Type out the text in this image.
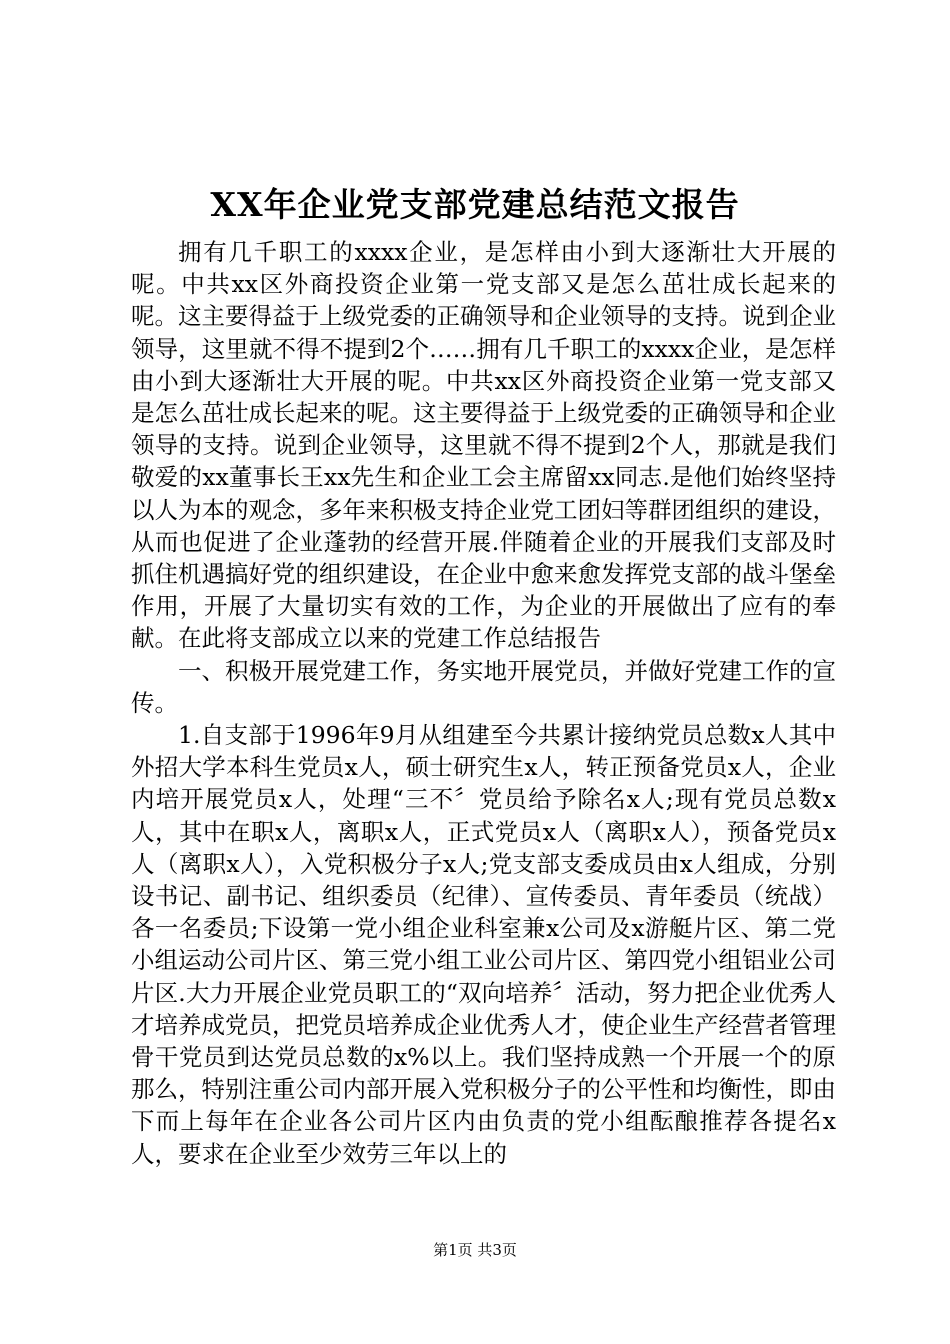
XX年企业党支部党建总结范文报告

拥有几千职工的xxxx企业，是怎样由小到大逐渐壮大开展的呢。中共xx区外商投资企业第一党支部又是怎么茁壮成长起来的呢。这主要得益于上级党委的正确领导和企业领导的支持。说到企业领导，这里就不得不提到2个……拥有几千职工的xxxx企业，是怎样由小到大逐渐壮大开展的呢。中共xx区外商投资企业第一党支部又是怎么茁壮成长起来的呢。这主要得益于上级党委的正确领导和企业领导的支持。说到企业领导，这里就不得不提到2个人，那就是我们敬爱的xx董事长王xx先生和企业工会主席留xx同志.是他们始终坚持以人为本的观念，多年来积极支持企业党工团妇等群团组织的建设，从而也促进了企业蓬勃的经营开展.伴随着企业的开展我们支部及时抓住机遇搞好党的组织建设，在企业中愈来愈发挥党支部的战斗堡垒作用，开展了大量切实有效的工作，为企业的开展做出了应有的奉献。在此将支部成立以来的党建工作总结报告

一、积极开展党建工作，务实地开展党员，并做好党建工作的宣传。

1.自支部于1996年9月从组建至今共累计接纳党员总数x人其中外招大学本科生党员x人，硕士研究生x人，转正预备党员x人，企业内培开展党员x人，处理“三不〞党员给予除名x人;现有党员总数x人，其中在职x人，离职x人，正式党员x人（离职x人），预备党员x人（离职x人），入党积极分子x人;党支部支委成员由x人组成，分别设书记、副书记、组织委员（纪律）、宣传委员、青年委员（统战）各一名委员;下设第一党小组企业科室兼x公司及x游艇片区、第二党小组运动公司片区、第三党小组工业公司片区、第四党小组铝业公司片区.大力开展企业党员职工的“双向培养〞活动，努力把企业优秀人才培养成党员，把党员培养成企业优秀人才，使企业生产经营者管理骨干党员到达党员总数的x%以上。我们坚持成熟一个开展一个的原那么，特别注重公司内部开展入党积极分子的公平性和均衡性，即由下而上每年在企业各公司片区内由负责的党小组酝酿推荐各提名x人，要求在企业至少效劳三年以上的

第1页 共3页
